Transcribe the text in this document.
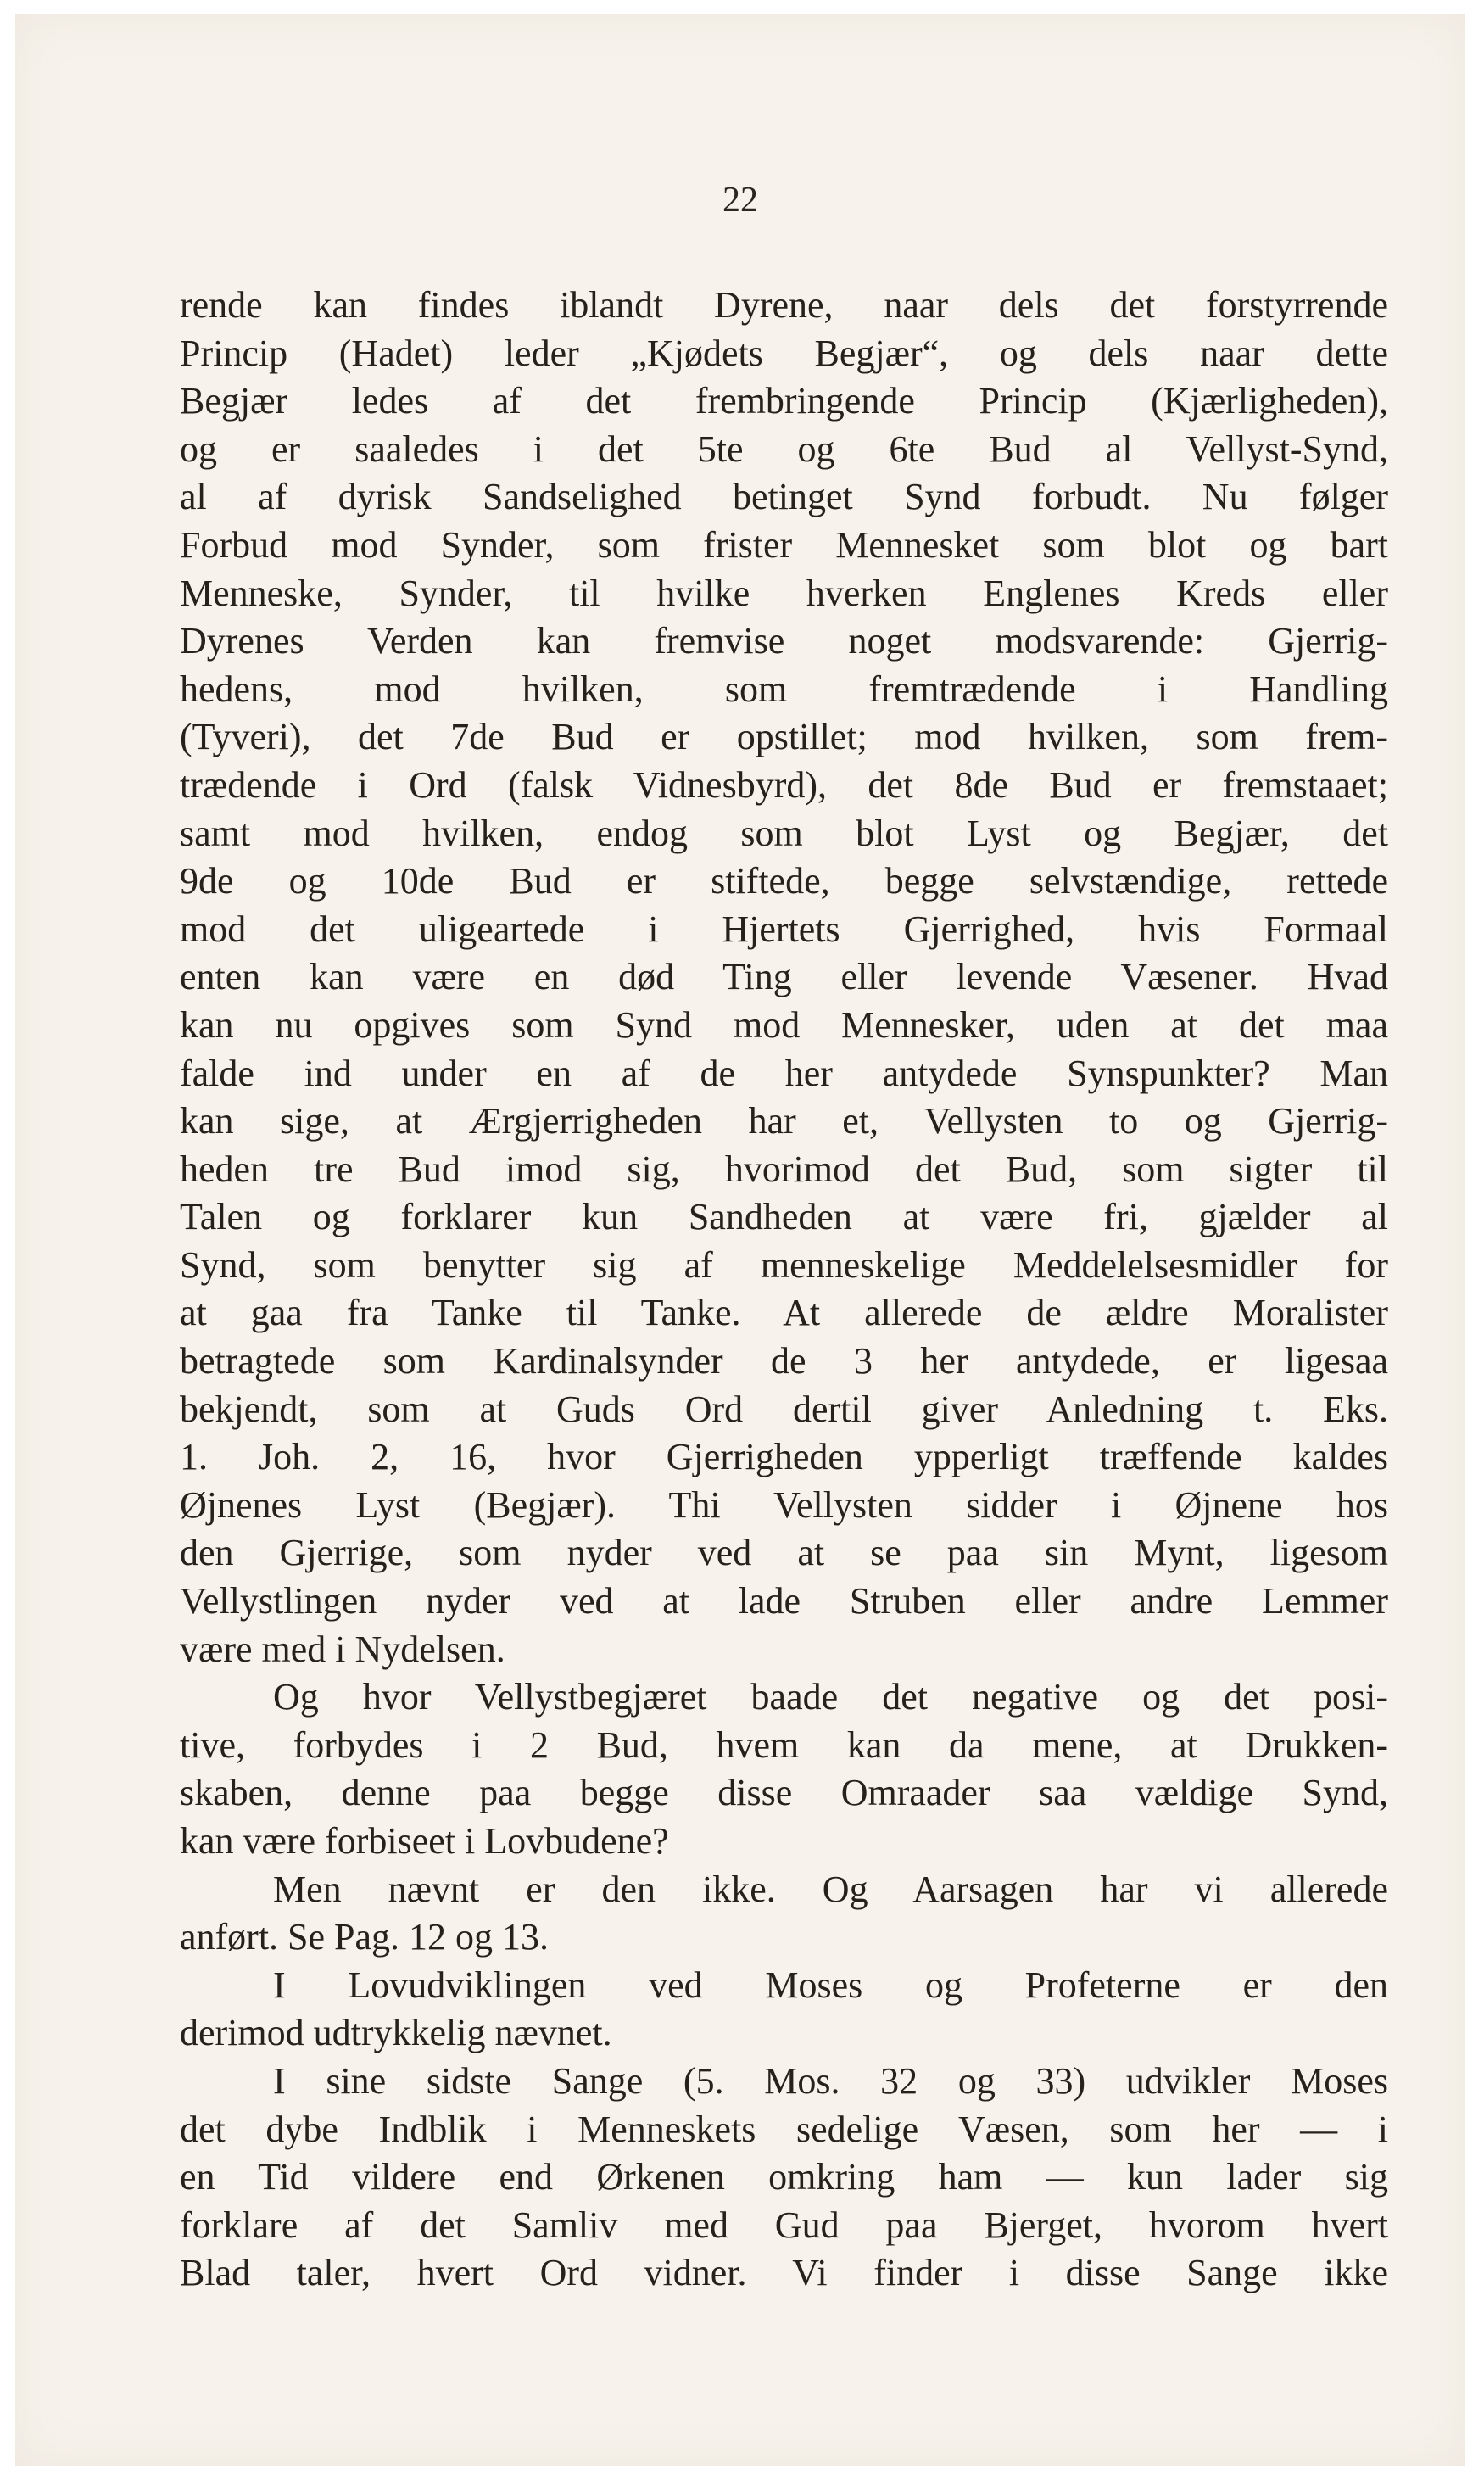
22
rende kan findes iblandt Dyrene, naar dels det forstyrrende
Princip (Hadet) leder „Kjødets Begjær“, og dels naar dette
Begjær ledes af det frembringende Princip (Kjærligheden),
og er saaledes i det 5te og 6te Bud al Vellyst-Synd,
al af dyrisk Sandselighed betinget Synd forbudt. Nu følger
Forbud mod Synder, som frister Mennesket som blot og bart
Menneske, Synder, til hvilke hverken Englenes Kreds eller
Dyrenes Verden kan fremvise noget modsvarende: Gjerrig-
hedens, mod hvilken, som fremtrædende i Handling
(Tyveri), det 7de Bud er opstillet; mod hvilken, som frem-
trædende i Ord (falsk Vidnesbyrd), det 8de Bud er fremstaaet;
samt mod hvilken, endog som blot Lyst og Begjær, det
9de og 10de Bud er stiftede, begge selvstændige, rettede
mod det uligeartede i Hjertets Gjerrighed, hvis Formaal
enten kan være en død Ting eller levende Væsener. Hvad
kan nu opgives som Synd mod Mennesker, uden at det maa
falde ind under en af de her antydede Synspunkter? Man
kan sige, at Ærgjerrigheden har et, Vellysten to og Gjerrig-
heden tre Bud imod sig, hvorimod det Bud, som sigter til
Talen og forklarer kun Sandheden at være fri, gjælder al
Synd, som benytter sig af menneskelige Meddelelsesmidler for
at gaa fra Tanke til Tanke. At allerede de ældre Moralister
betragtede som Kardinalsynder de 3 her antydede, er ligesaa
bekjendt, som at Guds Ord dertil giver Anledning t. Eks.
1. Joh. 2, 16, hvor Gjerrigheden ypperligt træffende kaldes
Øjnenes Lyst (Begjær). Thi Vellysten sidder i Øjnene hos
den Gjerrige, som nyder ved at se paa sin Mynt, ligesom
Vellystlingen nyder ved at lade Struben eller andre Lemmer
være med i Nydelsen.
Og hvor Vellystbegjæret baade det negative og det posi-
tive, forbydes i 2 Bud, hvem kan da mene, at Drukken-
skaben, denne paa begge disse Omraader saa vældige Synd,
kan være forbiseet i Lovbudene?
Men nævnt er den ikke. Og Aarsagen har vi allerede
anført. Se Pag. 12 og 13.
I Lovudviklingen ved Moses og Profeterne er den
derimod udtrykkelig nævnet.
I sine sidste Sange (5. Mos. 32 og 33) udvikler Moses
det dybe Indblik i Menneskets sedelige Væsen, som her — i
en Tid vildere end Ørkenen omkring ham — kun lader sig
forklare af det Samliv med Gud paa Bjerget, hvorom hvert
Blad taler, hvert Ord vidner. Vi finder i disse Sange ikke
